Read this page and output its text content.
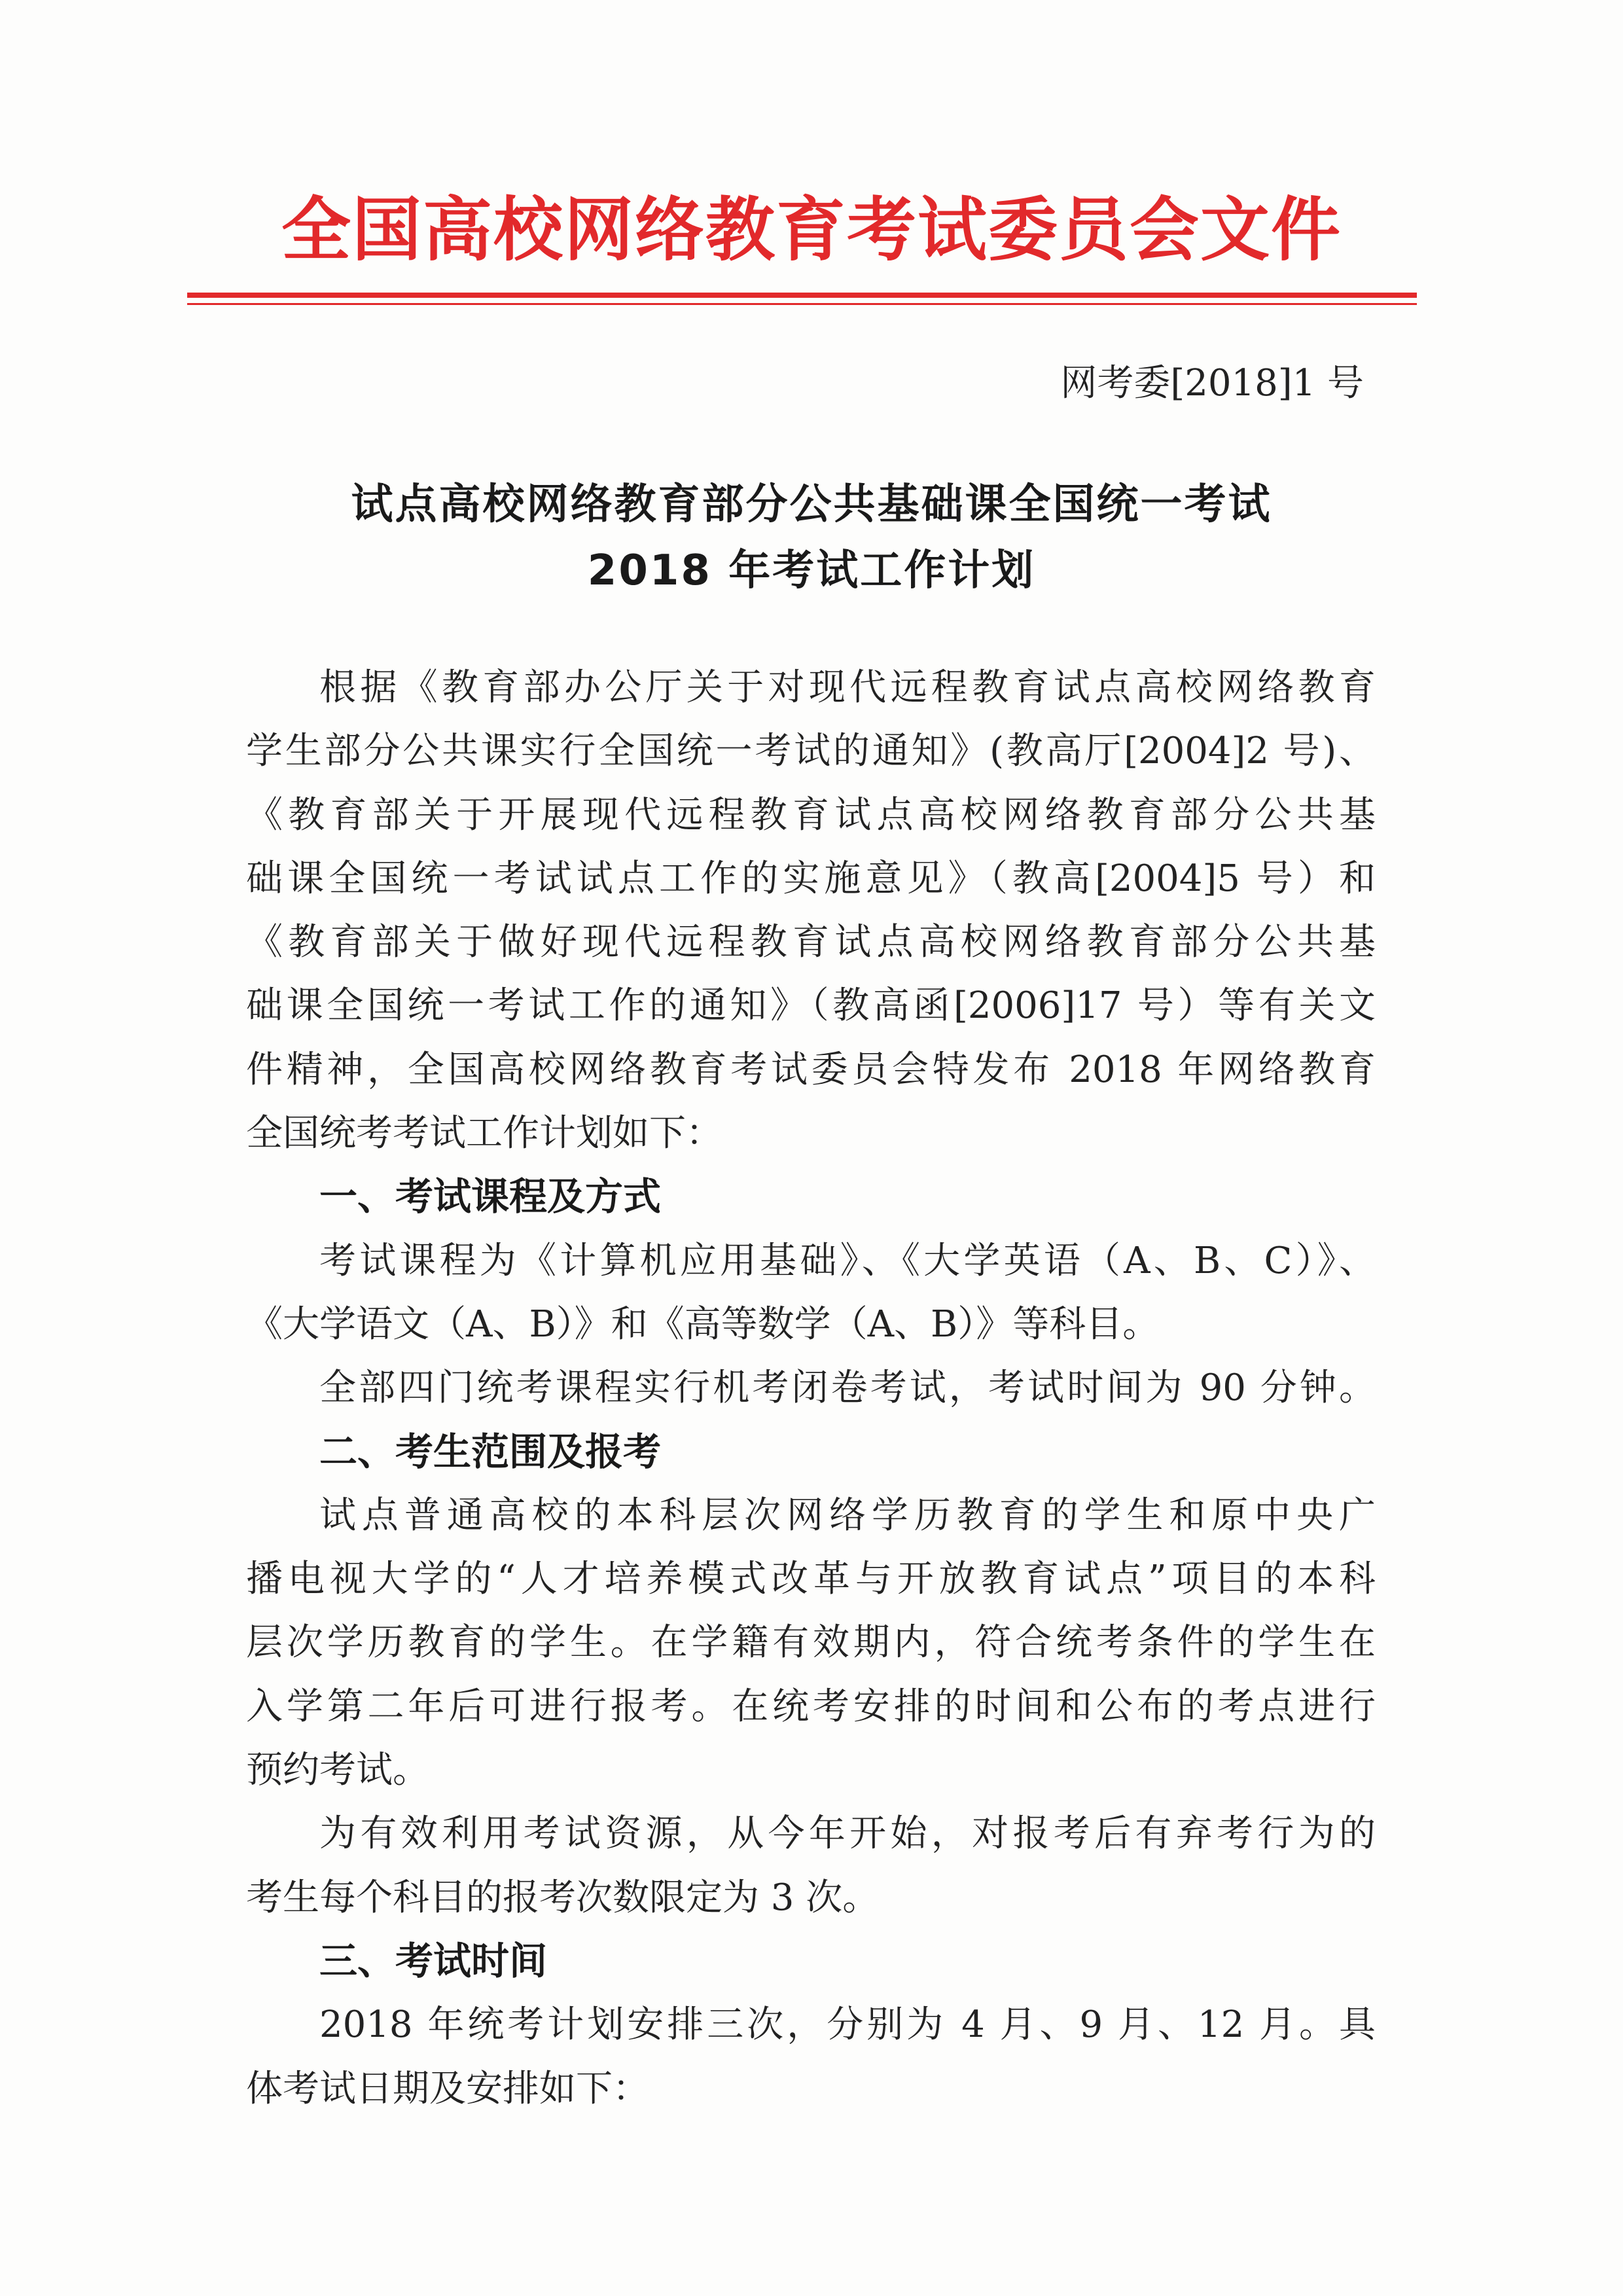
全国高校网络教育考试委员会文件
网考委[2018]1 号
试点高校网络教育部分公共基础课全国统一考试
2018 年考试工作计划
根据《教育部办公厅关于对现代远程教育试点高校网络教育
学生部分公共课实行全国统一考试的通知》(教高厅[2004]2 号)、
《教育部关于开展现代远程教育试点高校网络教育部分公共基
础课全国统一考试试点工作的实施意见》（教高[2004]5 号）和
《教育部关于做好现代远程教育试点高校网络教育部分公共基
础课全国统一考试工作的通知》（教高函[2006]17 号）等有关文
件精神，全国高校网络教育考试委员会特发布 2018 年网络教育
全国统考考试工作计划如下：
一、考试课程及方式
考试课程为《计算机应用基础》、《大学英语（A、B、C）》、
《大学语文（A、B）》和《高等数学（A、B）》等科目。
全部四门统考课程实行机考闭卷考试，考试时间为 90 分钟。
二、考生范围及报考
试点普通高校的本科层次网络学历教育的学生和原中央广
播电视大学的“人才培养模式改革与开放教育试点”项目的本科
层次学历教育的学生。在学籍有效期内，符合统考条件的学生在
入学第二年后可进行报考。在统考安排的时间和公布的考点进行
预约考试。
为有效利用考试资源，从今年开始，对报考后有弃考行为的
考生每个科目的报考次数限定为 3 次。
三、考试时间
2018 年统考计划安排三次，分别为 4 月、9 月、12 月。具
体考试日期及安排如下：
